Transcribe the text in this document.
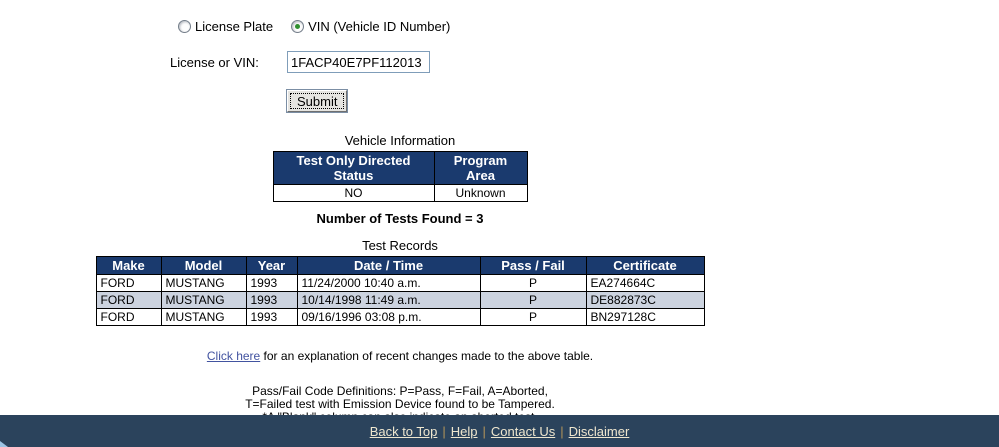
License Plate	VIN (Vehicle ID Number)
License or VIN:
1FACP40E7PF112013
Submit
Vehicle Information
Test Only Directed Status	Program Area
NO	Unknown
Number of Tests Found = 3
Test Records
Make	Model	Year	Date / Time	Pass / Fail	Certificate
FORD	MUSTANG	1993	11/24/2000 10:40 a.m.	P	EA274664C
FORD	MUSTANG	1993	10/14/1998 11:49 a.m.	P	DE882873C
FORD	MUSTANG	1993	09/16/1996 03:08 p.m.	P	BN297128C
Click here for an explanation of recent changes made to the above table.
Pass/Fail Code Definitions: P=Pass, F=Fail, A=Aborted,
T=Failed test with Emission Device found to be Tampered.
Back to Top | Help | Contact Us | Disclaimer
